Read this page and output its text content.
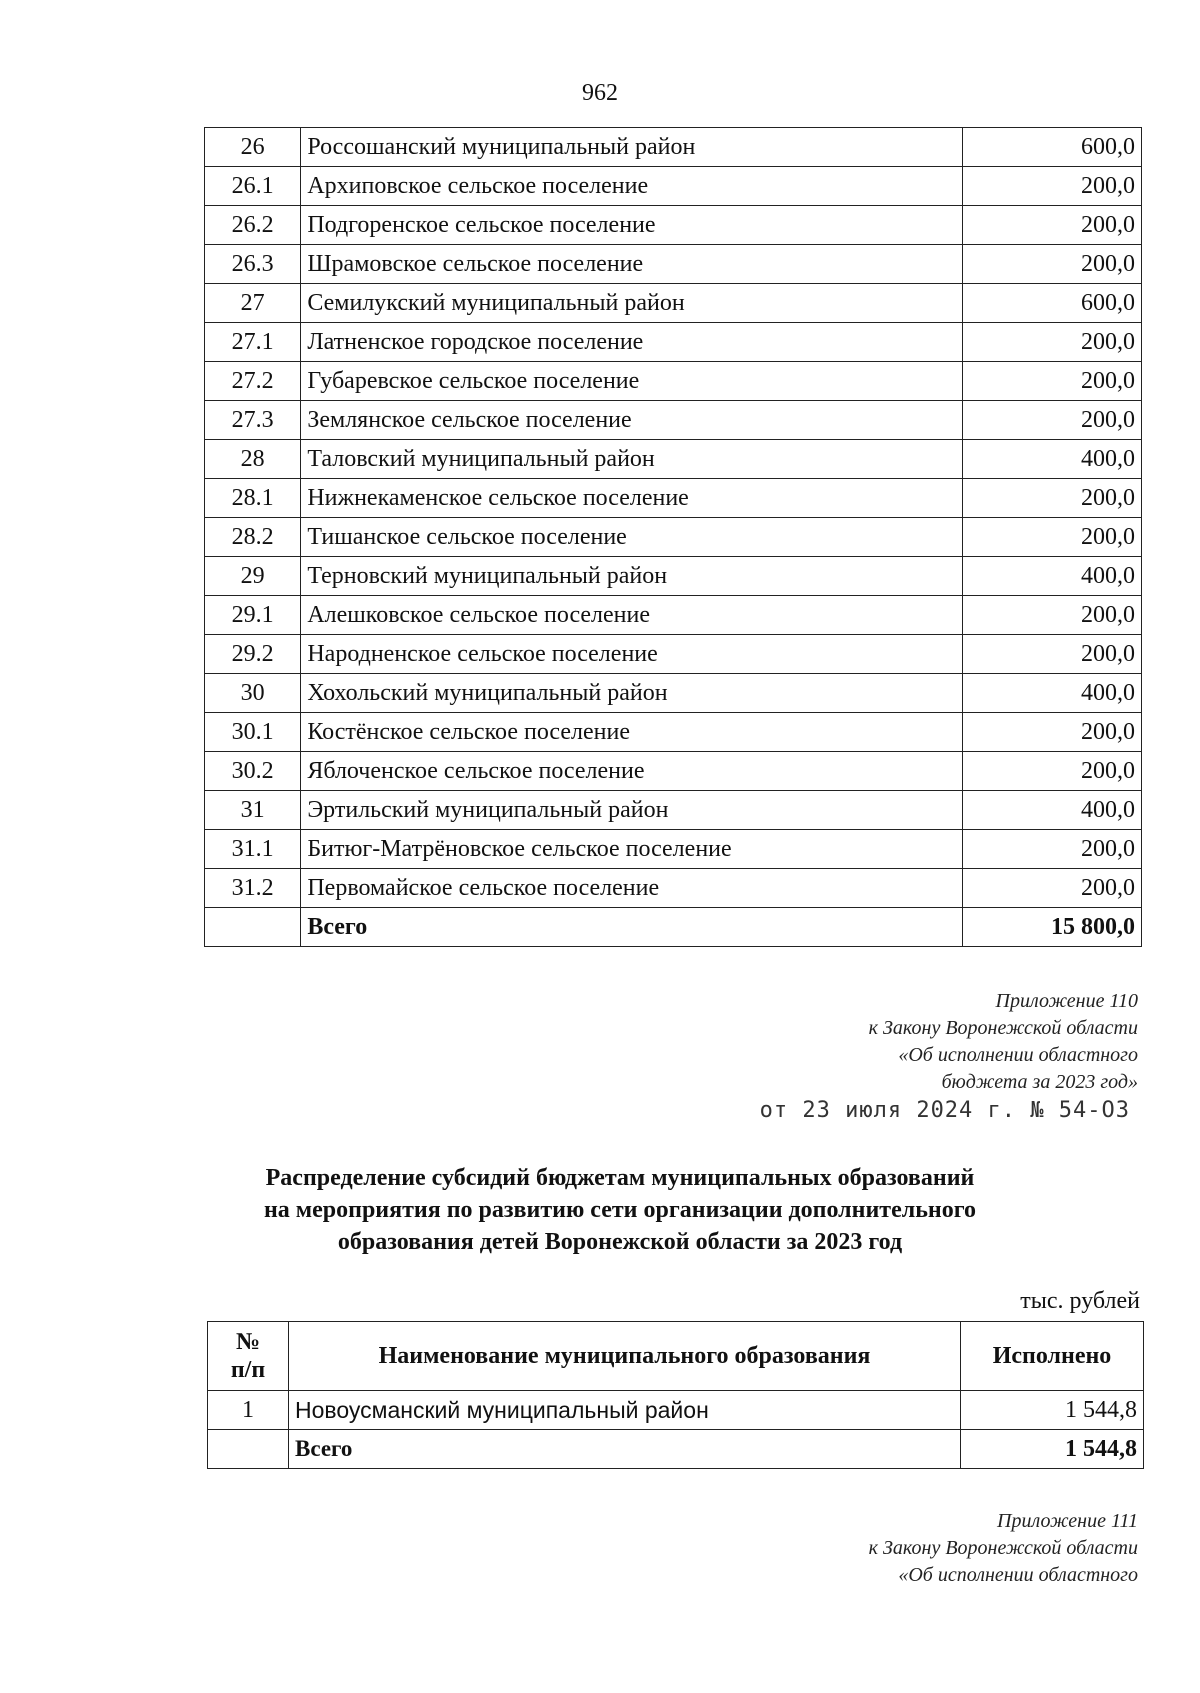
962
26	Россошанский муниципальный район	600,0
26.1	Архиповское сельское поселение	200,0
26.2	Подгоренское сельское поселение	200,0
26.3	Шрамовское сельское поселение	200,0
27	Семилукский муниципальный район	600,0
27.1	Латненское городское поселение	200,0
27.2	Губаревское сельское поселение	200,0
27.3	Землянское сельское поселение	200,0
28	Таловский муниципальный район	400,0
28.1	Нижнекаменское сельское поселение	200,0
28.2	Тишанское сельское поселение	200,0
29	Терновский муниципальный район	400,0
29.1	Алешковское сельское поселение	200,0
29.2	Народненское сельское поселение	200,0
30	Хохольский муниципальный район	400,0
30.1	Костёнское сельское поселение	200,0
30.2	Яблоченское сельское поселение	200,0
31	Эртильский муниципальный район	400,0
31.1	Битюг-Матрёновское сельское поселение	200,0
31.2	Первомайское сельское поселение	200,0
	Всего	15 800,0
Приложение 110
к Закону Воронежской области
«Об исполнении областного
бюджета за 2023 год»
от 23 июля 2024 г. № 54-ОЗ
Распределение субсидий бюджетам муниципальных образований
на мероприятия по развитию сети организации дополнительного
образования детей Воронежской области за 2023 год
тыс. рублей
№
п/п	Наименование муниципального образования	Исполнено
1	Новоусманский муниципальный район	1 544,8
	Всего	1 544,8
Приложение 111
к Закону Воронежской области
«Об исполнении областного
